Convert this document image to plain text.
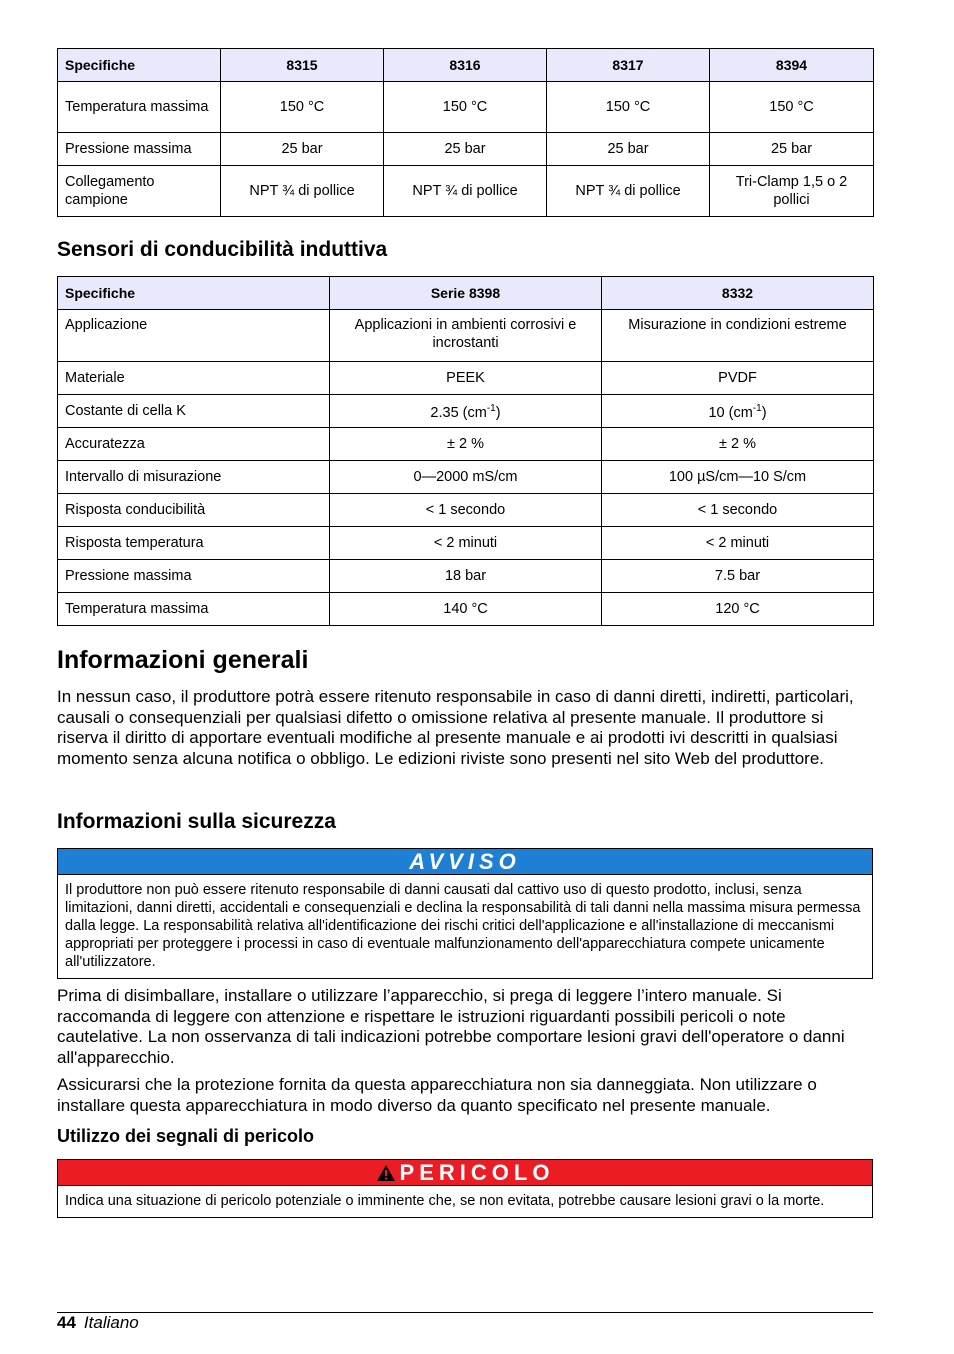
Specifiche	8315	8316	8317	8394
Temperatura massima	150 °C	150 °C	150 °C	150 °C
Pressione massima	25 bar	25 bar	25 bar	25 bar
Collegamento campione	NPT ¾ di pollice	NPT ¾ di pollice	NPT ¾ di pollice	Tri-Clamp 1,5 o 2 pollici
Sensori di conducibilità induttiva
Specifiche	Serie 8398	8332
Applicazione	Applicazioni in ambienti corrosivi e incrostanti	Misurazione in condizioni estreme
Materiale	PEEK	PVDF
Costante di cella K	2.35 $(cm^{-1})$	10 $(cm^{-1})$
Accuratezza	± 2 %	± 2 %
Intervallo di misurazione	0—2000 mS/cm	100 µS/cm—10 S/cm
Risposta conducibilità	< 1 secondo	< 1 secondo
Risposta temperatura	< 2 minuti	< 2 minuti
Pressione massima	18 bar	7.5 bar
Temperatura massima	140 °C	120 °C
Informazioni generali

In nessun caso, il produttore potrà essere ritenuto responsabile in caso di danni diretti, indiretti, particolari, causali o consequenziali per qualsiasi difetto o omissione relativa al presente manuale. Il produttore si riserva il diritto di apportare eventuali modifiche al presente manuale e ai prodotti ivi descritti in qualsiasi momento senza alcuna notifica o obbligo. Le edizioni riviste sono presenti nel sito Web del produttore.

Informazioni sulla sicurezza
AVVISO
Il produttore non può essere ritenuto responsabile di danni causati dal cattivo uso di questo prodotto, inclusi, senza limitazioni, danni diretti, accidentali e consequenziali e declina la responsabilità di tali danni nella massima misura permessa dalla legge. La responsabilità relativa all'identificazione dei rischi critici dell'applicazione e all'installazione di meccanismi appropriati per proteggere i processi in caso di eventuale malfunzionamento dell'apparecchiatura compete unicamente all'utilizzatore.

Prima di disimballare, installare o utilizzare l’apparecchio, si prega di leggere l’intero manuale. Si raccomanda di leggere con attenzione e rispettare le istruzioni riguardanti possibili pericoli o note cautelative. La non osservanza di tali indicazioni potrebbe comportare lesioni gravi dell'operatore o danni all'apparecchio.

Assicurarsi che la protezione fornita da questa apparecchiatura non sia danneggiata. Non utilizzare o installare questa apparecchiatura in modo diverso da quanto specificato nel presente manuale.

Utilizzo dei segnali di pericolo
PERICOLO
Indica una situazione di pericolo potenziale o imminente che, se non evitata, potrebbe causare lesioni gravi o la morte.
44 Italiano
